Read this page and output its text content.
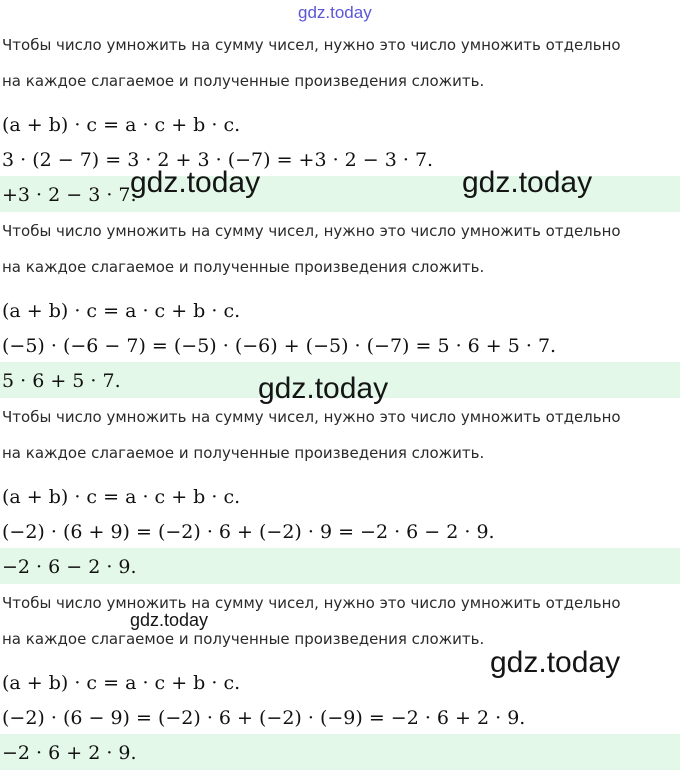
gdz.today
Чтобы число умножить на сумму чисел, нужно это число умножить отдельно
на каждое слагаемое и полученные произведения сложить.
(a + b) · c = a · c + b · c.
3 · (2 − 7) = 3 · 2 + 3 · (−7) = +3 · 2 − 3 · 7.
+3 · 2 − 3 · 7.
Чтобы число умножить на сумму чисел, нужно это число умножить отдельно
на каждое слагаемое и полученные произведения сложить.
(a + b) · c = a · c + b · c.
(−5) · (−6 − 7) = (−5) · (−6) + (−5) · (−7) = 5 · 6 + 5 · 7.
5 · 6 + 5 · 7.
Чтобы число умножить на сумму чисел, нужно это число умножить отдельно
на каждое слагаемое и полученные произведения сложить.
(a + b) · c = a · c + b · c.
(−2) · (6 + 9) = (−2) · 6 + (−2) · 9 = −2 · 6 − 2 · 9.
−2 · 6 − 2 · 9.
Чтобы число умножить на сумму чисел, нужно это число умножить отдельно
на каждое слагаемое и полученные произведения сложить.
(a + b) · c = a · c + b · c.
(−2) · (6 − 9) = (−2) · 6 + (−2) · (−9) = −2 · 6 + 2 · 9.
−2 · 6 + 2 · 9.
gdz.today	gdz.today
gdz.today
gdz.today
gdz.today
